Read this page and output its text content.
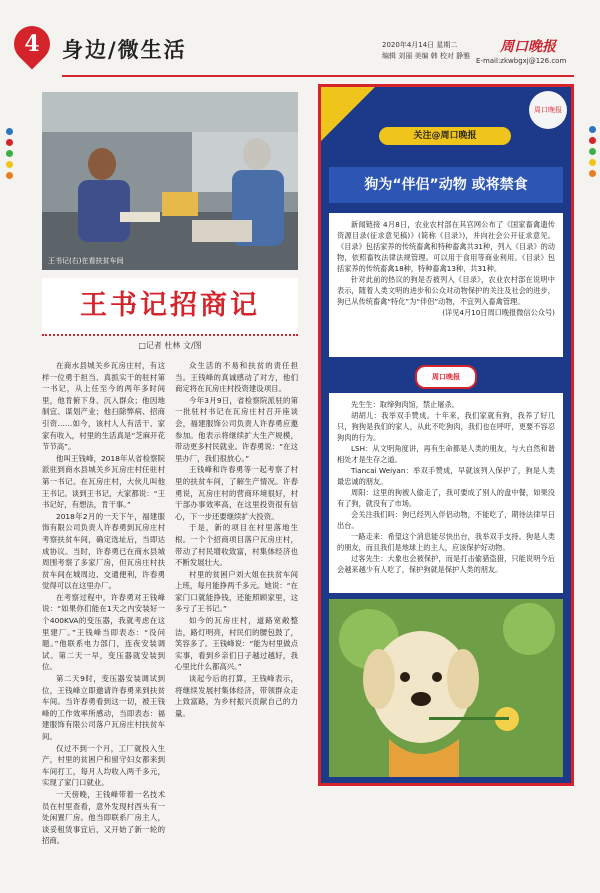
4	身边/微生活	2020年4月14日 星期二
编辑 刘丽 美编 韩 校对 静雅
周口晚报
E-mail:zkwbgxj@126.com
王书记(右)在看扶贫车间
王书记招商记
□记者 杜林 文/图

在商水县城关乡瓦房庄村，有这样一位勇于担当、真抓实干的驻村第一书记，从上任至今的两年多时间里，他肯俯下身、沉入群众；他因地制宜、谋划产业；他扫除弊病、招商引资……如今，该村人人有活干、家家有收入，村里的生活真是“芝麻开花节节高”。

他叫王钱峰，2018年从省检察院派驻到商水县城关乡瓦房庄村任驻村第一书记。在瓦房庄村，大伙儿叫他王书记。谈到王书记，大家都说：“王书记好，有想法，肯干事。”

2018年2月的一天下午，福建服饰有限公司负责人许春勇到瓦房庄村考察扶贫车间，确定选址后，当即达成协议。当时，许春勇已在商水县城周围考察了多家厂房，但瓦房庄村扶贫车间在城周边、交通便利，许春勇觉得可以在这里办厂。

在考察过程中，许春勇对王钱峰说：“如果你们能在1天之内安装好一个400KVA的变压器，我就考虑在这里建厂。”王钱峰当即表态：“没问题。”他联系电力部门，连夜安装调试。第二天一早，变压器就安装到位。

第二天9时，变压器安装调试到位，王钱峰立即邀请许春勇来到扶贫车间。当许春勇看到这一切，被王钱峰的工作效率所感动，当即表态：福建服饰有限公司落户瓦房庄村扶贫车间。

仅过不到一个月，工厂就投入生产，村里的贫困户和留守妇女都来到车间打工，每月人均收入两千多元，实现了家门口就业。

一天傍晚，王钱峰带着一名技术员在村里查看，意外发现村西头有一处闲置厂房。他当即联系厂房主人，谈妥租赁事宜后，又开始了新一轮的招商。

众生活的不易和扶贫的责任担当。王钱峰的真诚感动了对方，他们商定将在瓦房庄村投资建设项目。

今年3月9日，省检察院派驻的第一批驻村书记在瓦房庄村召开座谈会，福建服饰公司负责人许春勇应邀参加。他表示将继续扩大生产规模，带动更多村民就业。许春勇说：“在这里办厂，我们很放心。”

王钱峰和许春勇等一起考察了村里的扶贫车间，了解生产情况。许春勇说，瓦房庄村的营商环境很好，村干部办事效率高，在这里投资很有信心，下一步还要继续扩大投资。

于是，新的项目在村里落地生根。一个个招商项目落户瓦房庄村，带动了村民增收致富，村集体经济也不断发展壮大。

村里的贫困户刘大姐在扶贫车间上班，每月能挣两千多元。她说：“在家门口就能挣钱，还能照顾家里，这多亏了王书记。”

如今的瓦房庄村，道路宽敞整洁，路灯明亮，村民们的腰包鼓了，笑容多了。王钱峰说：“能为村里做点实事，看到乡亲们日子越过越好，我心里比什么都高兴。”

谈起今后的打算，王钱峰表示，将继续发展村集体经济，带领群众走上致富路，为乡村振兴贡献自己的力量。

周口晚报
关注@周口晚报
狗为“伴侣”动物 或将禁食

新闻链接 4月8日，农业农村部在其官网公布了《国家畜禽遗传资源目录(征求意见稿)》(简称《目录》)，并向社会公开征求意见。《目录》包括家养的传统畜禽和特种畜禽共31种，列入《目录》的动物，依照畜牧法律法规管理。可以用于食用等商业利用。《目录》包括家养的传统畜禽18种，特种畜禽13种，共31种。

针对此前的热议的狗是否被列入《目录》，农业农村部在说明中表示，随着人类文明的进步和公众对动物保护的关注及社会的进步，狗已从传统畜禽“特化”为“伴侣”动物，不宜列入畜禽管理。

(详见4月10日周口晚报微信公众号)

周口晚报

先生生：取缔狗肉馆，禁止屠杀。

胡胡儿：我举双手赞成。十年来，我们家就有狗，我养了好几只，狗狗是我们的家人，从此不吃狗肉，我们也在呼吁，更要不容忍狗肉的行为。

LSH：从文明角度讲，再有生命都是人类的朋友，与大自然和谐相处才是生存之道。

Tiancai Weiyan：举双手赞成，早就该列入保护了，狗是人类最忠诚的朋友。

周阳：这里的狗被人偷走了，我可要成了别人的盘中餐，如果没有了狗，就没有了市场。

会关注我们吗：狗已经列入伴侣动物，不能吃了，期待法律早日出台。

一路走来：希望这个消息能尽快出台，我举双手支持。狗是人类的朋友，而且我们是地球上的主人，应该保护好动物。

过客先生：大象也会被保护，而是打击偷猎盗猎，只能说明今后会越来越少有人吃了，保护狗就是保护人类的朋友。
